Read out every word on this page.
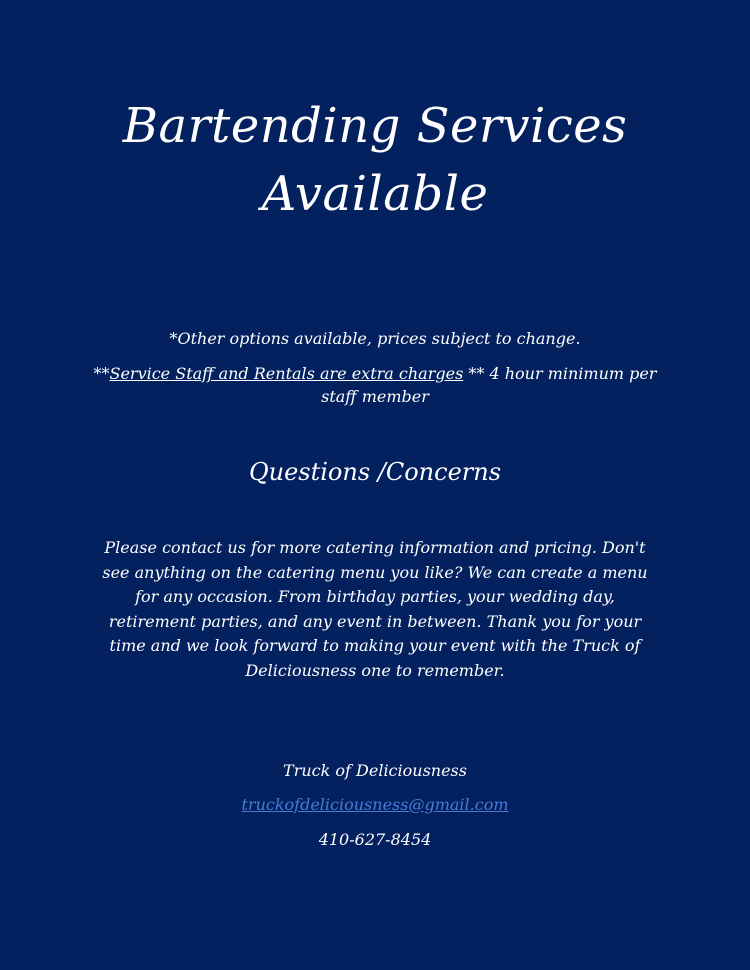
Bartending Services
Available
*Other options available, prices subject to change.
**Service Staff and Rentals are extra charges ** 4 hour minimum per staff member
Questions /Concerns
Please contact us for more catering information and pricing. Don't see anything on the catering menu you like? We can create a menu for any occasion. From birthday parties, your wedding day, retirement parties, and any event in between. Thank you for your time and we look forward to making your event with the Truck of Deliciousness one to remember.
Truck of Deliciousness
truckofdeliciousness@gmail.com
410-627-8454
